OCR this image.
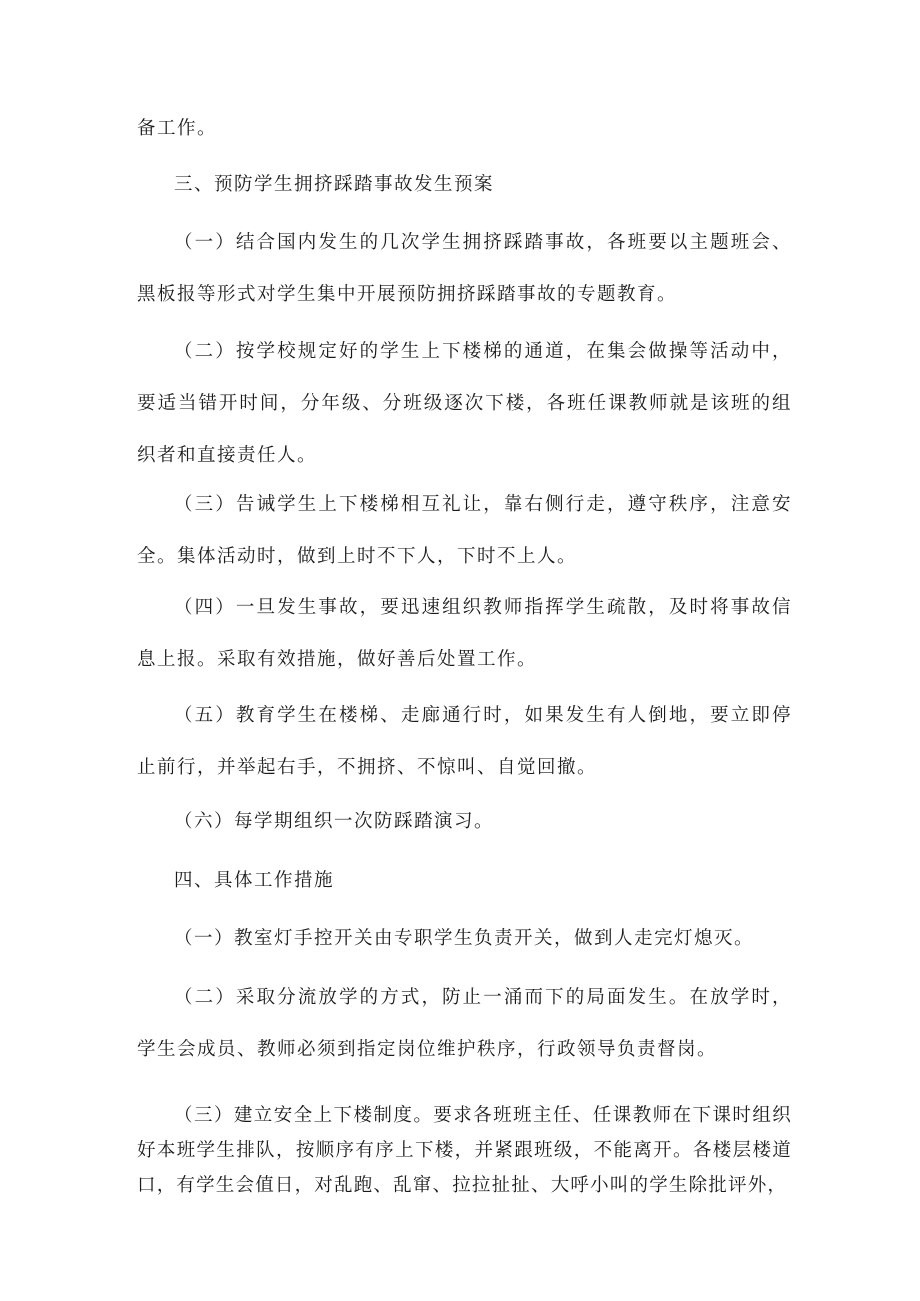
备工作。

三、预防学生拥挤踩踏事故发生预案

（一）结合国内发生的几次学生拥挤踩踏事故，各班要以主题班会、黑板报等形式对学生集中开展预防拥挤踩踏事故的专题教育。

（二）按学校规定好的学生上下楼梯的通道，在集会做操等活动中，要适当错开时间，分年级、分班级逐次下楼，各班任课教师就是该班的组织者和直接责任人。

（三）告诫学生上下楼梯相互礼让，靠右侧行走，遵守秩序，注意安全。集体活动时，做到上时不下人，下时不上人。

（四）一旦发生事故，要迅速组织教师指挥学生疏散，及时将事故信息上报。采取有效措施，做好善后处置工作。

（五）教育学生在楼梯、走廊通行时，如果发生有人倒地，要立即停止前行，并举起右手，不拥挤、不惊叫、自觉回撤。

（六）每学期组织一次防踩踏演习。

四、具体工作措施

（一）教室灯手控开关由专职学生负责开关，做到人走完灯熄灭。

（二）采取分流放学的方式，防止一涌而下的局面发生。在放学时，学生会成员、教师必须到指定岗位维护秩序，行政领导负责督岗。

（三）建立安全上下楼制度。要求各班班主任、任课教师在下课时组织好本班学生排队，按顺序有序上下楼，并紧跟班级，不能离开。各楼层楼道口，有学生会值日，对乱跑、乱窜、拉拉扯扯、大呼小叫的学生除批评外，
